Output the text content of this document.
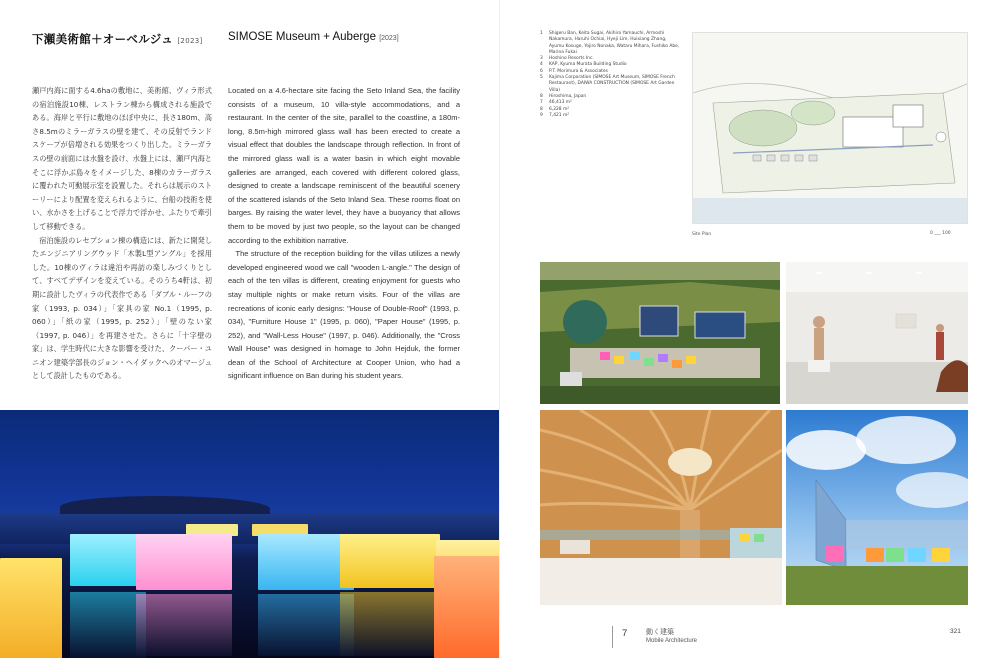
下瀬美術館＋オーベルジュ [2023] SIMOSE Museum + Auberge [2023]

瀬戸内海に面する4.6haの敷地に、美術館、ヴィラ形式の宿泊施設10棟、レストラン棟から構成される施設である。海岸と平行に敷地のほぼ中央に、長さ180m、高さ8.5mのミラーガラスの壁を建て、その反射でランドスケープが倍増される効果をつくり出した。ミラーガラスの壁の前面には水盤を設け、水盤上には、瀬戸内海とそこに浮かぶ島々をイメージした、8棟のカラーガラスに覆われた可動展示室を設置した。それらは展示のストーリーにより配置を変えられるように、台船の技術を使い、水かさを上げることで浮力で浮かせ、ふたりで牽引して移動できる。

宿泊施設のレセプション棟の構造には、新たに開発したエンジニアリングウッド「木製L型アングル」を採用した。10棟のヴィラは違泊や再訪の楽しみづくりとして、すべてデザインを変えている。そのうち4軒は、初期に設計したヴィラの代表作である「ダブル・ルーフの家（1993, p. 034）」「家具の家 No.1（1995, p. 060）」「紙の家（1995, p. 252）」「壁のない家（1997, p. 046）」を再建させた。さらに「十字壁の家」は、学生時代に大きな影響を受けた、クーパー・ユニオン建築学部長のジョン・ヘイダックへのオマージュとして設計したものである。

Located on a 4.6-hectare site facing the Seto Inland Sea, the facility consists of a museum, 10 villa-style accommodations, and a restaurant. In the center of the site, parallel to the coastline, a 180m-long, 8.5m-high mirrored glass wall has been erected to create a visual effect that doubles the landscape through reflection. In front of the mirrored glass wall is a water basin in which eight movable galleries are arranged, each covered with different colored glass, designed to create a landscape reminiscent of the beautiful scenery of the scattered islands of the Seto Inland Sea. These rooms float on barges. By raising the water level, they have a buoyancy that allows them to be moved by just two people, so the layout can be changed according to the exhibition narrative.

The structure of the reception building for the villas utilizes a newly developed engineered wood we call "wooden L-angle." The design of each of the ten villas is different, creating enjoyment for guests who stay multiple nights or make return visits. Four of the villas are recreations of iconic early designs: "House of Double-Roof" (1993, p. 034), "Furniture House 1" (1995, p. 060), "Paper House" (1995, p. 252), and "Wall-Less House" (1997, p. 046). Additionally, the "Cross Wall House" was designed in homage to John Hejduk, the former dean of the School of Architecture at Cooper Union, who had a significant influence on Ban during his student years.

1	Shigeru Ban, Keita Sugai, Akihiro Yamauchi, Armoshi Nakamura, Haruhi Ochiai, Hyeji Lim, Huixiang Zhang, Ayumu Kosuge, Yojiro Nonaka, Wataru Mihara, Fushiko Abe, Marina Fukai
3	Hoshino Resorts Inc.
4	KAP, Kyuma Murata Building Studio
6	P.T. Morimura & Associates
5	Kajima Corporation (SIMOSE Art Museum, SIMOSE French Restaurant), DAIWA CONSTRUCTION (SIMOSE Art Garden Villa)
8	Hiroshima, Japan
7	46,413 m²
8	6,228 m²
9	7,421 m²
Site Plan	0 ___ 100
7	動く建築
Mobile Architecture
321
